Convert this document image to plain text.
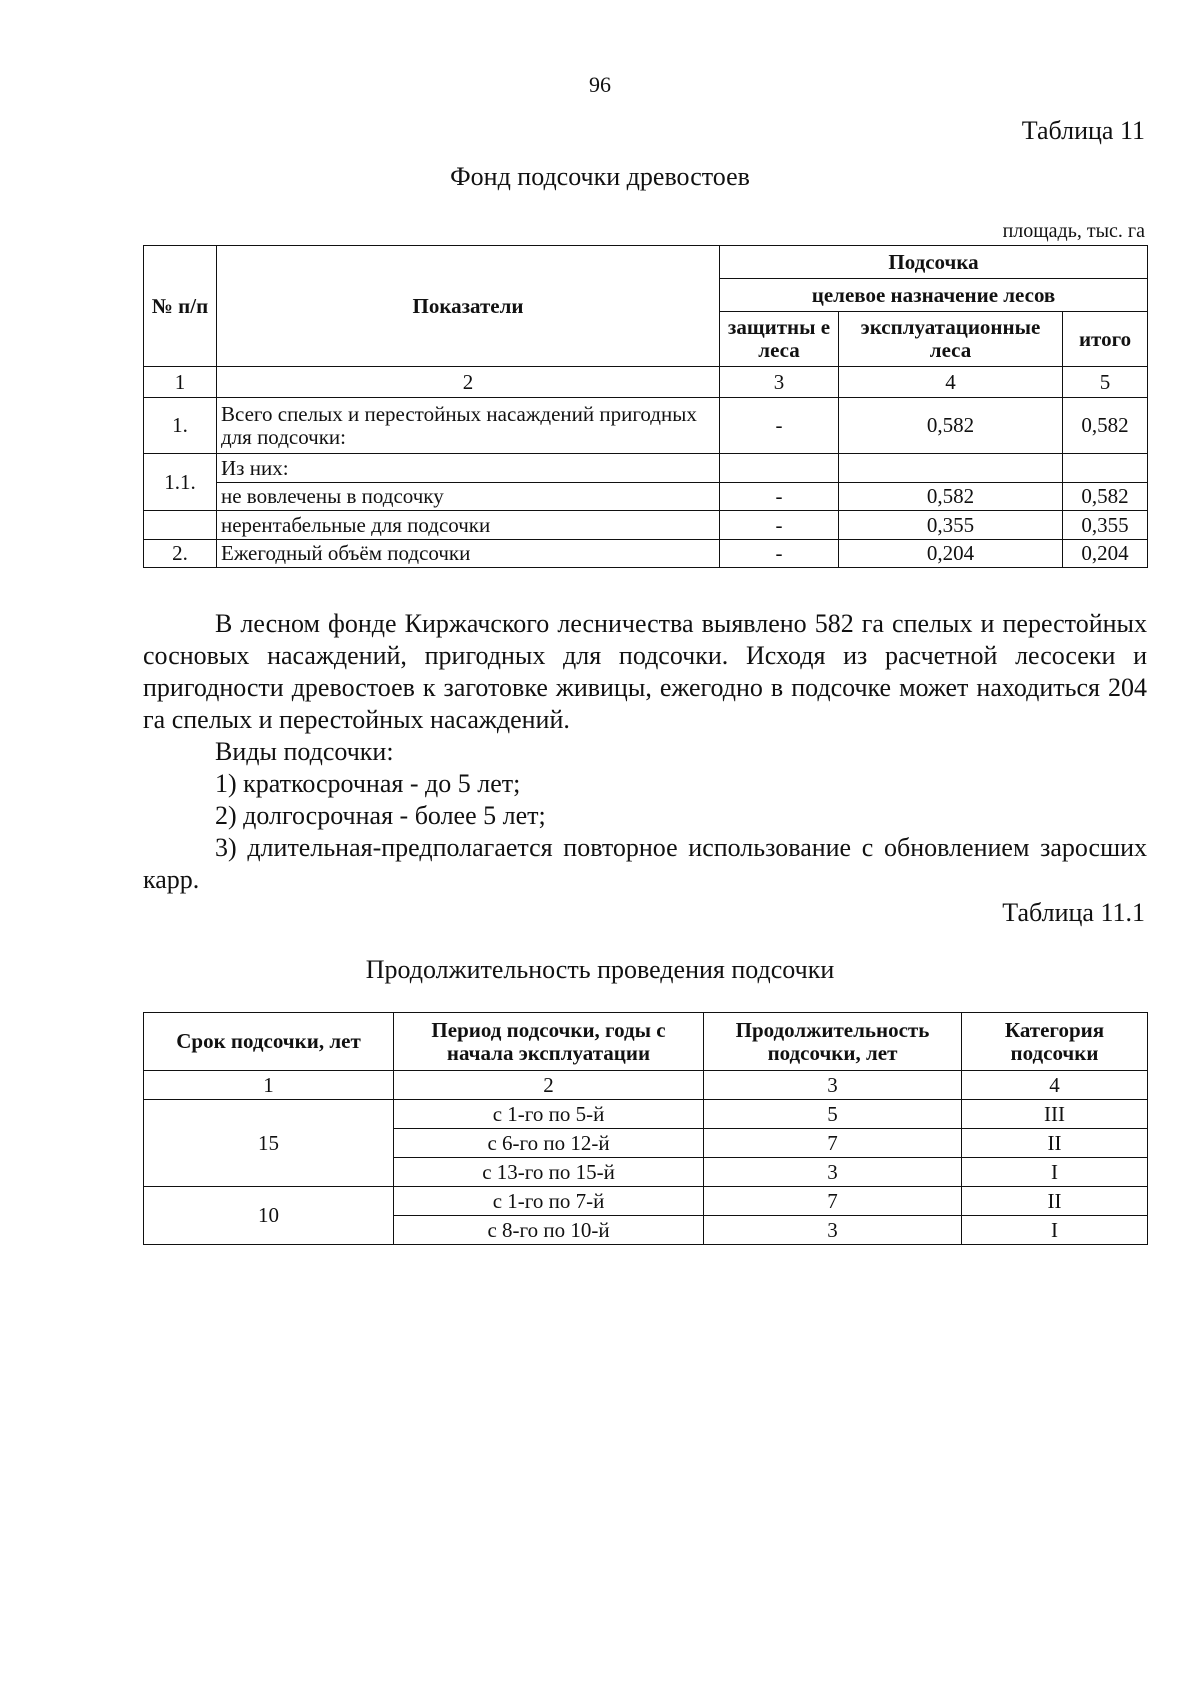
96
Таблица 11
Фонд подсочки древостоев
площадь, тыс. га
№ п/п	Показатели	Подсочка		
		целевое назначение лесов		
		защитны е леса	эксплуатационные леса	итого
1	2	3	4	5
1.	Всего спелых и перестойных насаждений пригодных для подсочки:	-	0,582	0,582
1.1.	Из них:			
	не вовлечены в подсочку	-	0,582	0,582
	нерентабельные для подсочки	-	0,355	0,355
2.	Ежегодный объём подсочки	-	0,204	0,204

В лесном фонде Киржачского лесничества выявлено 582 га спелых и перестойных сосновых насаждений, пригодных для подсочки. Исходя из расчетной лесосеки и пригодности древостоев к заготовке живицы, ежегодно в подсочке может находиться 204 га спелых и перестойных насаждений.

Виды подсочки:

1) краткосрочная - до 5 лет;

2) долгосрочная - более 5 лет;

3) длительная-предполагается повторное использование с обновлением заросших карр.

Таблица 11.1
Продолжительность проведения подсочки
Срок подсочки, лет	Период подсочки, годы с начала эксплуатации	Продолжительность подсочки, лет	Категория подсочки
1	2	3	4
15	с 1-го по 5-й	5	III
	с 6-го по 12-й	7	II
	с 13-го по 15-й	3	I
10	с 1-го по 7-й	7	II
	с 8-го по 10-й	3	I
